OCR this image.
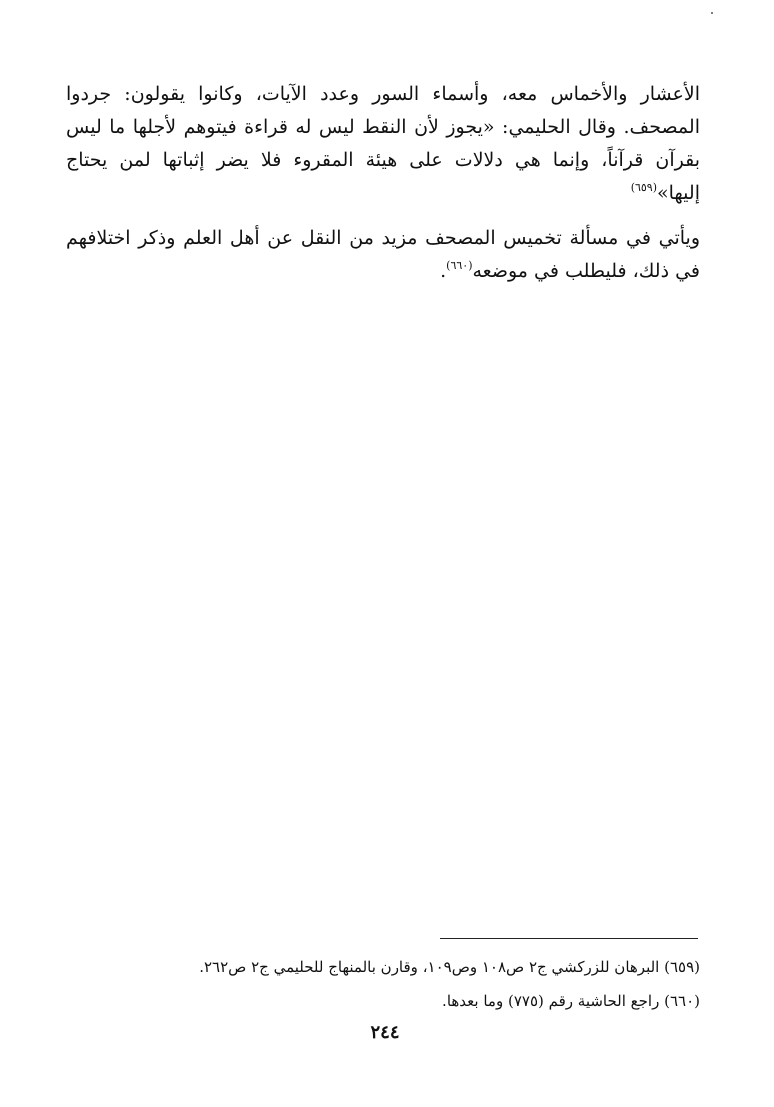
الأعشار والأخماس معه، وأسماء السور وعدد الآيات، وكانوا يقولون: جردوا المصحف. وقال الحليمي: «يجوز لأن النقط ليس له قراءة فيتوهم لأجلها ما ليس بقرآن قرآناً، وإنما هي دلالات على هيئة المقروء فلا يضر إثباتها لمن يحتاج إليها»$^{(٦٥٩)}$

ويأتي في مسألة تخميس المصحف مزيد من النقل عن أهل العلم وذكر اختلافهم في ذلك، فليطلب في موضعه$^{(٦٦٠)}$.

(٦٥٩) البرهان للزركشي ج٢ ص١٠٨ وص١٠٩، وقارن بالمنهاج للحليمي ج٢ ص٢٦٢.

(٦٦٠) راجع الحاشية رقم (٧٧٥) وما بعدها.

٢٤٤
